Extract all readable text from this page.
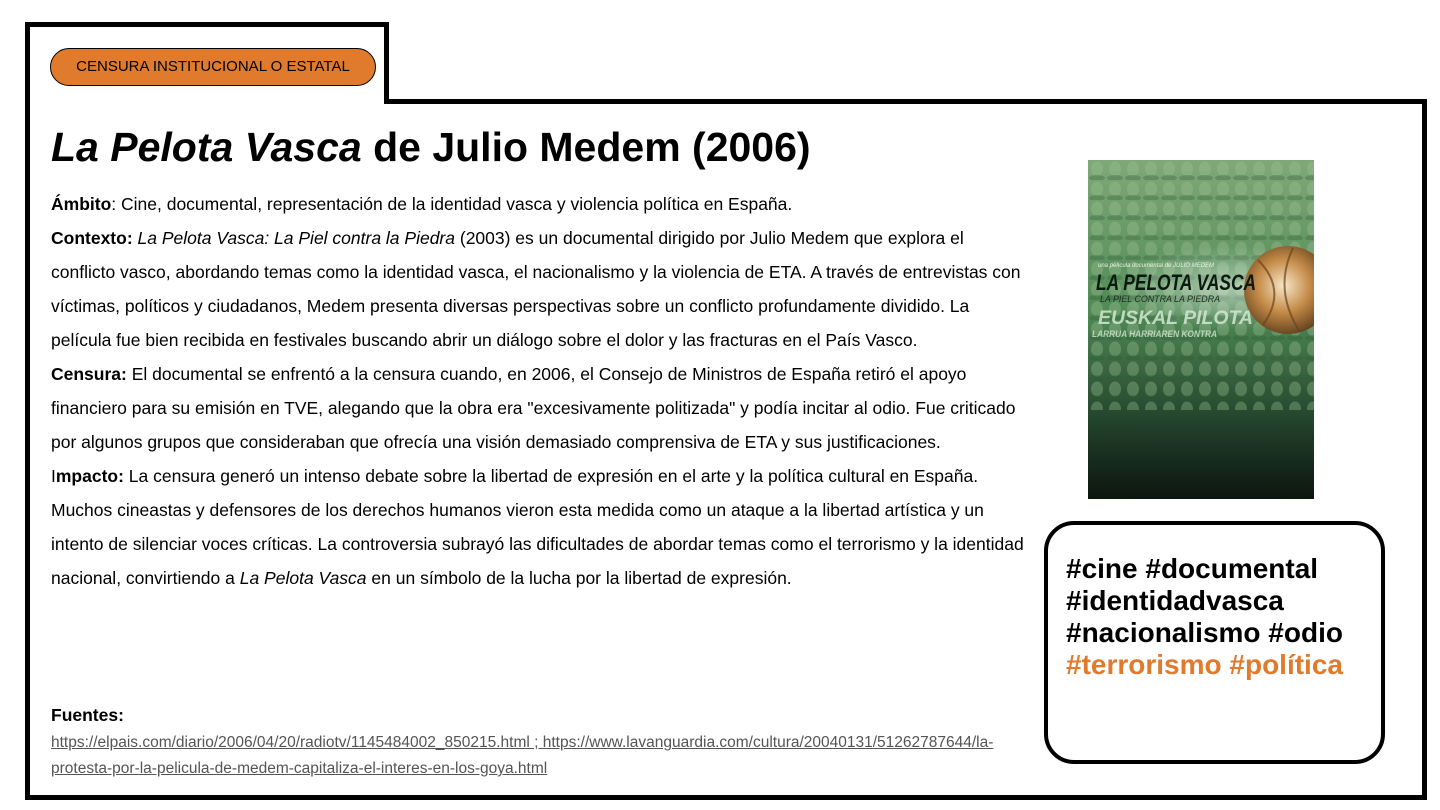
CENSURA INSTITUCIONAL O ESTATAL
La Pelota Vasca de Julio Medem (2006)

Ámbito: Cine, documental, representación de la identidad vasca y violencia política en España.

Contexto: La Pelota Vasca: La Piel contra la Piedra (2003) es un documental dirigido por Julio Medem que explora el conflicto vasco, abordando temas como la identidad vasca, el nacionalismo y la violencia de ETA. A través de entrevistas con víctimas, políticos y ciudadanos, Medem presenta diversas perspectivas sobre un conflicto profundamente dividido. La película fue bien recibida en festivales buscando abrir un diálogo sobre el dolor y las fracturas en el País Vasco.

Censura: El documental se enfrentó a la censura cuando, en 2006, el Consejo de Ministros de España retiró el apoyo financiero para su emisión en TVE, alegando que la obra era "excesivamente politizada" y podía incitar al odio. Fue criticado por algunos grupos que consideraban que ofrecía una visión demasiado comprensiva de ETA y sus justificaciones.

Impacto: La censura generó un intenso debate sobre la libertad de expresión en el arte y la política cultural en España. Muchos cineastas y defensores de los derechos humanos vieron esta medida como un ataque a la libertad artística y un intento de silenciar voces críticas. La controversia subrayó las dificultades de abordar temas como el terrorismo y la identidad nacional, convirtiendo a La Pelota Vasca en un símbolo de la lucha por la libertad de expresión.

Fuentes:
https://elpais.com/diario/2006/04/20/radiotv/1145484002_850215.html ; https://www.lavanguardia.com/cultura/20040131/51262787644/la-protesta-por-la-pelicula-de-medem-capitaliza-el-interes-en-los-goya.html
una película documental de JULIO MEDEM
LA PELOTA VASCA
LA PIEL CONTRA LA PIEDRA
EUSKAL PILOTA
LARRUA HARRIAREN KONTRA
#cine #documental #identidadvasca #nacionalismo #odio #terrorismo #política
